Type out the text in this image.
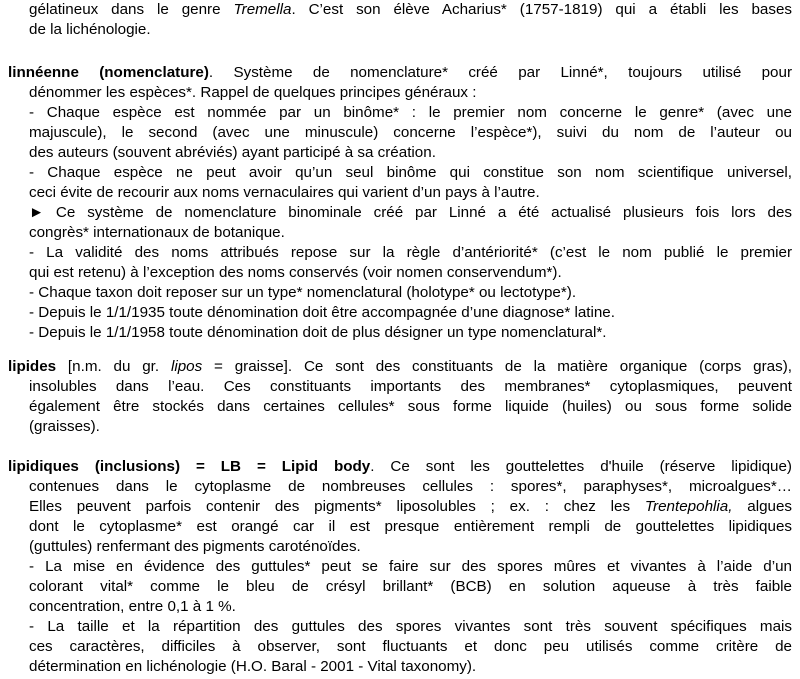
gélatineux dans le genre Tremella. C’est son élève Acharius* (1757-1819) qui a établi les bases
de la lichénologie.
linnéenne (nomenclature). Système de nomenclature* créé par Linné*, toujours utilisé pour
dénommer les espèces*. Rappel de quelques principes généraux :
- Chaque espèce est nommée par un binôme* : le premier nom concerne le genre* (avec une
majuscule), le second (avec une minuscule) concerne l’espèce*), suivi du nom de l’auteur ou
des auteurs (souvent abréviés) ayant participé à sa création.
- Chaque espèce ne peut avoir qu’un seul binôme qui constitue son nom scientifique universel,
ceci évite de recourir aux noms vernaculaires qui varient d’un pays à l’autre.
► Ce système de nomenclature binominale créé par Linné a été actualisé plusieurs fois lors des
congrès* internationaux de botanique.
- La validité des noms attribués repose sur la règle d’antériorité* (c’est le nom publié le premier
qui est retenu) à l’exception des noms conservés (voir nomen conservendum*).
- Chaque taxon doit reposer sur un type* nomenclatural (holotype* ou lectotype*).
- Depuis le 1/1/1935 toute dénomination doit être accompagnée d’une diagnose* latine.
- Depuis le 1/1/1958 toute dénomination doit de plus désigner un type nomenclatural*.
lipides [n.m. du gr. lipos = graisse]. Ce sont des constituants de la matière organique (corps gras),
insolubles dans l’eau. Ces constituants importants des membranes* cytoplasmiques, peuvent
également être stockés dans certaines cellules* sous forme liquide (huiles) ou sous forme solide
(graisses).
lipidiques (inclusions) = LB = Lipid body. Ce sont les gouttelettes d'huile (réserve lipidique)
contenues dans le cytoplasme de nombreuses cellules : spores*, paraphyses*, microalgues*…
Elles peuvent parfois contenir des pigments* liposolubles ; ex. : chez les Trentepohlia, algues
dont le cytoplasme* est orangé car il est presque entièrement rempli de gouttelettes lipidiques
(guttules) renfermant des pigments caroténoïdes.
- La mise en évidence des guttules* peut se faire sur des spores mûres et vivantes à l’aide d’un
colorant vital* comme le bleu de crésyl brillant* (BCB) en solution aqueuse à très faible
concentration, entre 0,1 à 1 %.
- La taille et la répartition des guttules des spores vivantes sont très souvent spécifiques mais
ces caractères, difficiles à observer, sont fluctuants et donc peu utilisés comme critère de
détermination en lichénologie (H.O. Baral - 2001 - Vital taxonomy).
